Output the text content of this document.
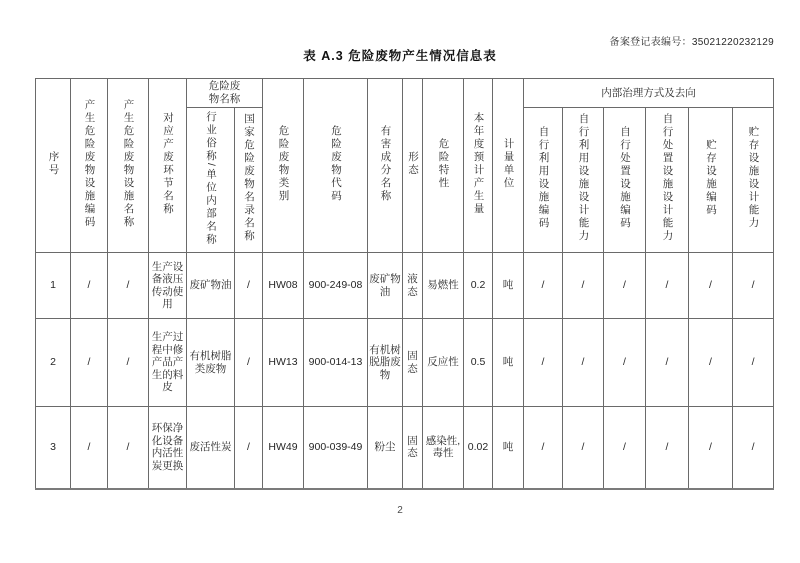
备案登记表编号：35021220232129
表 A.3 危险废物产生情况信息表
序号	产生危险废物设施编码	产生危险废物设施名称	对应产废环节名称	危险废物名称		危险废物类别	危险废物代码	有害成分名称	形态	危险特性	本年度预计产生量	计量单位	内部治理方式及去向					
				行业俗称/单位内部名称	国家危险废物名录名称								自行利用设施编码	自行利用设施设计能力	自行处置设施编码	自行处置设施设计能力	贮存设施编码	贮存设施设计能力
1	/	/	生产设备液压传动使用	废矿物油	/	HW08	900-249-08	废矿物油	液态	易燃性	0.2	吨	/	/	/	/	/	/
2	/	/	生产过程中修产品产生的料皮	有机树脂类废物	/	HW13	900-014-13	有机树脱脂废物	固态	反应性	0.5	吨	/	/	/	/	/	/
3	/	/	环保净化设备内活性炭更换	废活性炭	/	HW49	900-039-49	粉尘	固态	感染性,毒性	0.02	吨	/	/	/	/	/	/
2
